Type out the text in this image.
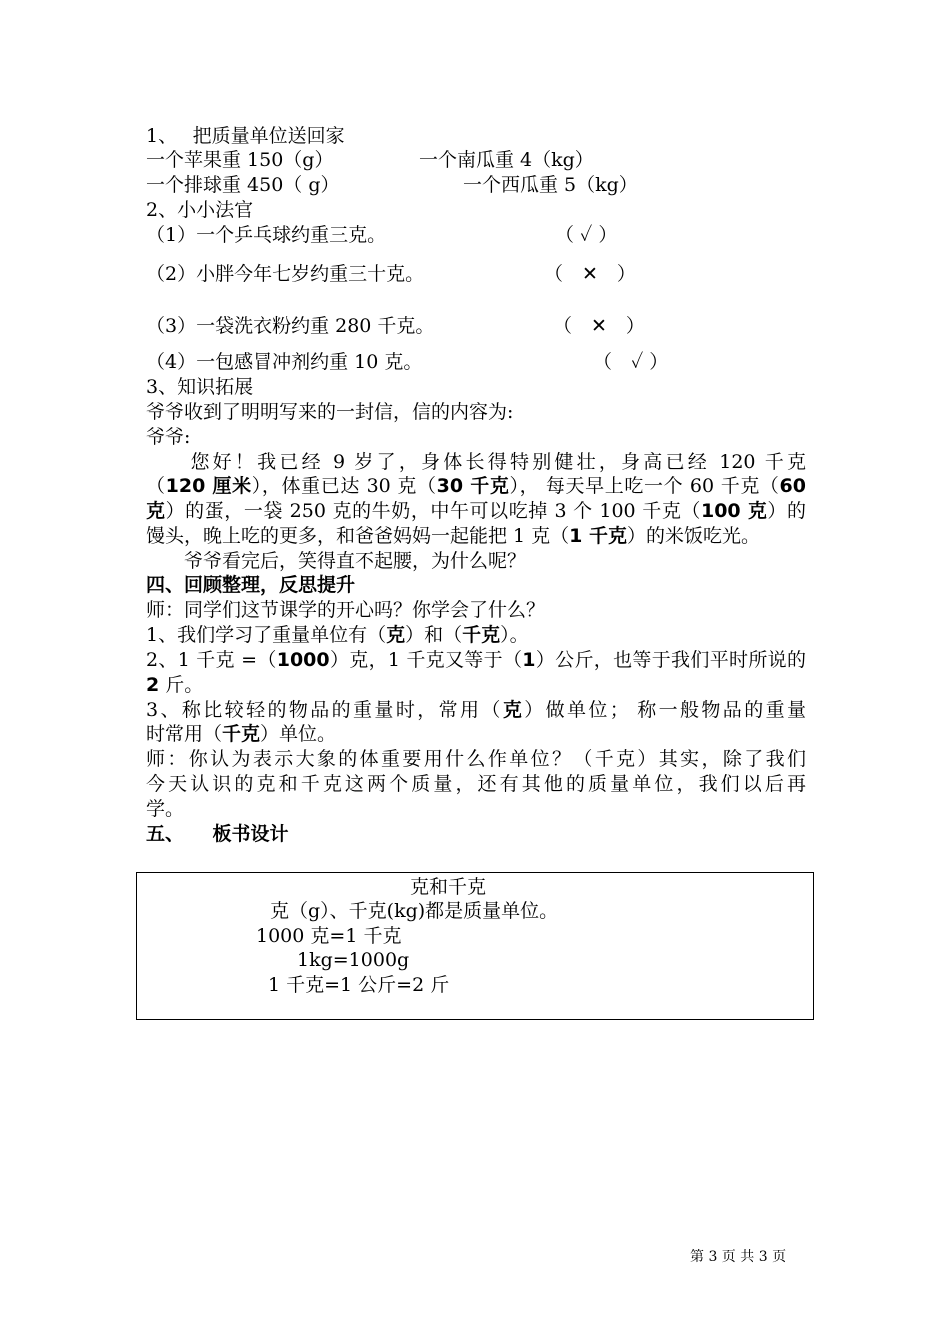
1、　 把质量单位送回家
一个苹果重 150（g）	一个南瓜重 4（kg）
一个排球重 450（ g）	一个西瓜重 5（kg）
2、小小法官
（1）一个乒乓球约重三克。	（ ✓ ）
（2）小胖今年七岁约重三十克。	（　✕　）
（3）一袋洗衣粉约重 280 千克。	（　✕　）
（4）一包感冒冲剂约重 10 克。	（　✓ ）
3、知识拓展
爷爷收到了明明写来的一封信，信的内容为:
爷爷:
　　您好！我已经 9 岁了，身体长得特别健壮，身高已经 120 千克
（120 厘米），体重已达 30 克（30 千克）， 每天早上吃一个 60 千克（60
克）的蛋，一袋 250 克的牛奶，中午可以吃掉 3 个 100 千克（100 克）的
馒头，晚上吃的更多，和爸爸妈妈一起能把 1 克（1 千克）的米饭吃光。
　　爷爷看完后，笑得直不起腰，为什么呢？
四、回顾整理，反思提升
师：同学们这节课学的开心吗？你学会了什么？
1、我们学习了重量单位有（克）和（千克）。
2、1 千克 =（1000）克，1 千克又等于（1）公斤，也等于我们平时所说的
2 斤。
3、称比较轻的物品的重量时，常用（克）做单位； 称一般物品的重量
时常用（千克）单位。
师：你认为表示大象的体重要用什么作单位？（千克）其实，除了我们
今天认识的克和千克这两个质量，还有其他的质量单位，我们以后再
学。
五、　　板书设计
克和千克
克（g）、千克(kg)都是质量单位。
1000 克=1 千克
1kg=1000g
1 千克=1 公斤=2 斤
第 3 页 共 3 页
